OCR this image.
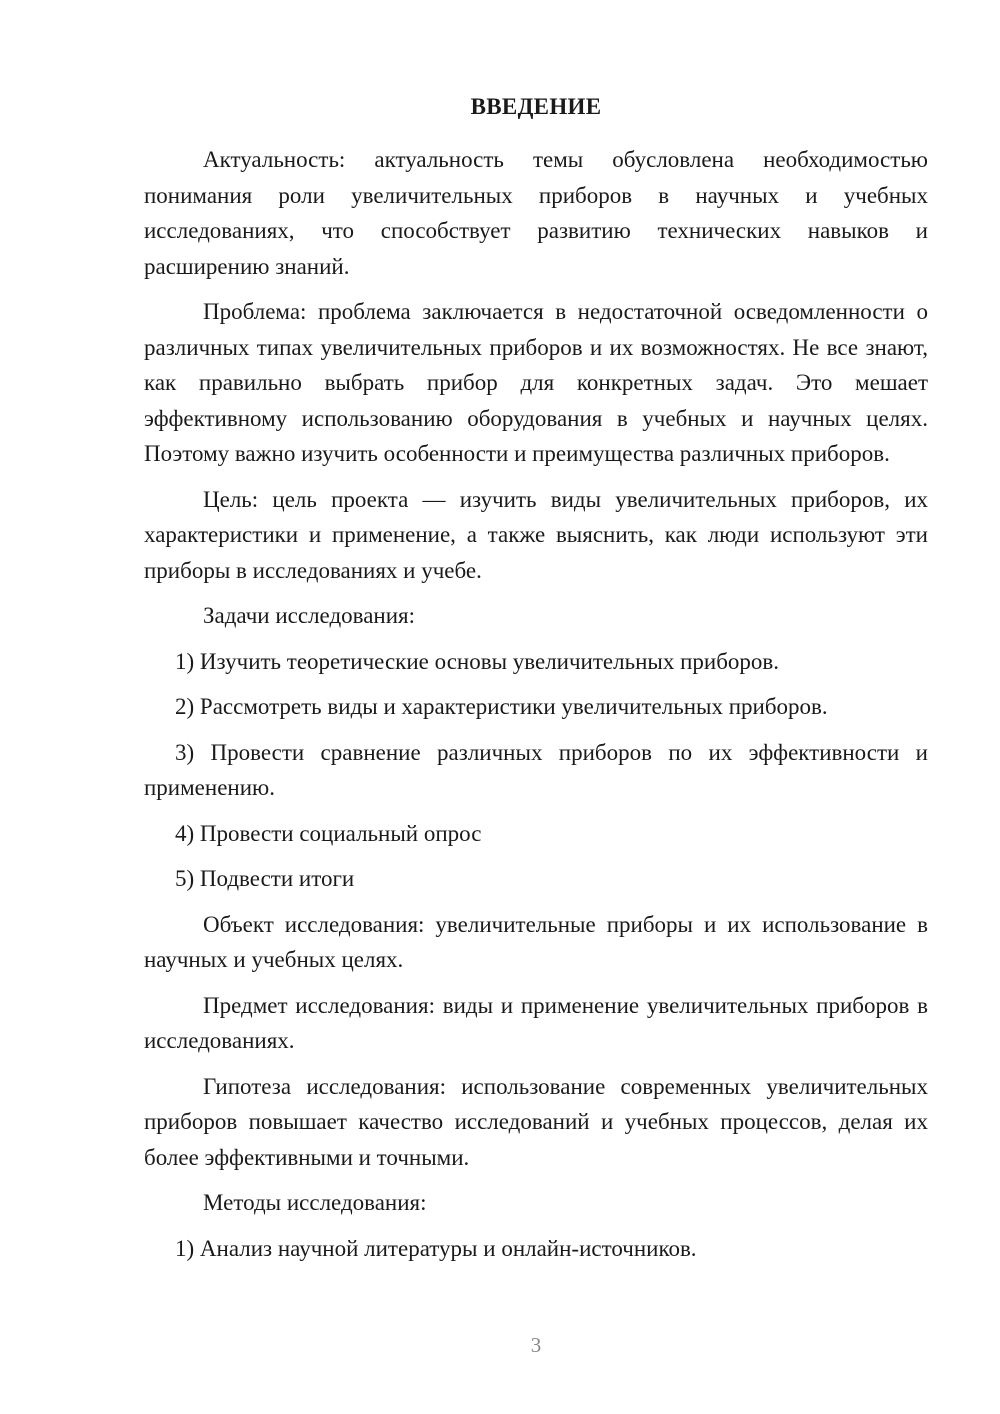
ВВЕДЕНИЕ

Актуальность: актуальность темы обусловлена необходимостью понимания роли увеличительных приборов в научных и учебных исследованиях, что способствует развитию технических навыков и расширению знаний.

Проблема: проблема заключается в недостаточной осведомленности о различных типах увеличительных приборов и их возможностях. Не все знают, как правильно выбрать прибор для конкретных задач. Это мешает эффективному использованию оборудования в учебных и научных целях. Поэтому важно изучить особенности и преимущества различных приборов.

Цель: цель проекта — изучить виды увеличительных приборов, их характеристики и применение, а также выяснить, как люди используют эти приборы в исследованиях и учебе.

Задачи исследования:

1) Изучить теоретические основы увеличительных приборов.

2) Рассмотреть виды и характеристики увеличительных приборов.

3) Провести сравнение различных приборов по их эффективности и применению.

4) Провести социальный опрос

5) Подвести итоги

Объект исследования: увеличительные приборы и их использование в научных и учебных целях.

Предмет исследования: виды и применение увеличительных приборов в исследованиях.

Гипотеза исследования: использование современных увеличительных приборов повышает качество исследований и учебных процессов, делая их более эффективными и точными.

Методы исследования:

1) Анализ научной литературы и онлайн-источников.

3
